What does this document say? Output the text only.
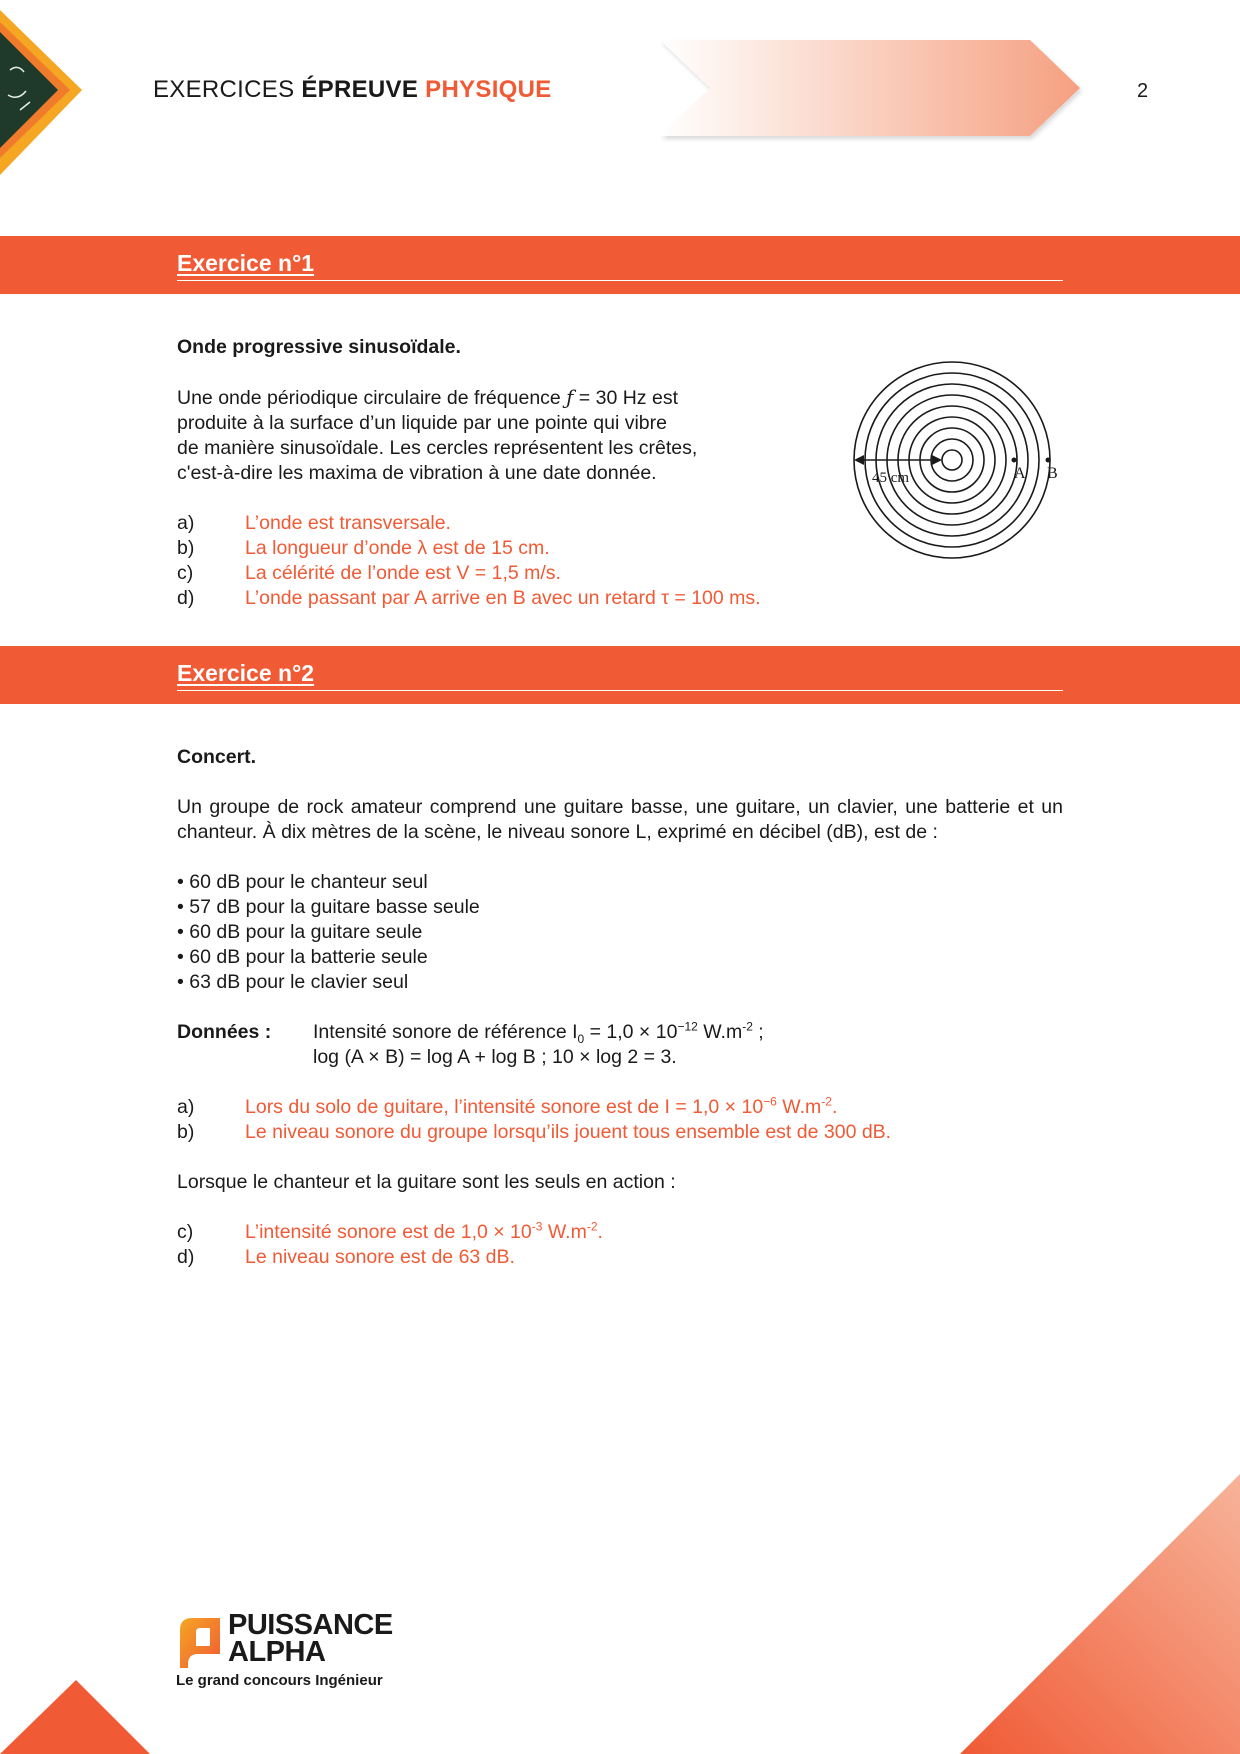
EXERCICES ÉPREUVE PHYSIQUE	2
Exercice n°1
Onde progressive sinusoïdale.
Une onde périodique circulaire de fréquence ƒ = 30 Hz est
produite à la surface d’un liquide par une pointe qui vibre
de manière sinusoïdale. Les cercles représentent les crêtes,
c'est-à-dire les maxima de vibration à une date donnée.
a)	L’onde est transversale.
b)	La longueur d’onde λ est de 15 cm.
c)	La célérité de l’onde est V = 1,5 m/s.
d)	L’onde passant par A arrive en B avec un retard τ = 100 ms.
45 cm	A B
Exercice n°2
Concert.
Un groupe de rock amateur comprend une guitare basse, une guitare, un clavier, une batterie et un chanteur. À dix mètres de la scène, le niveau sonore L, exprimé en décibel (dB), est de :
• 60 dB pour le chanteur seul
• 57 dB pour la guitare basse seule
• 60 dB pour la guitare seule
• 60 dB pour la batterie seule
• 63 dB pour le clavier seul
Données :	Intensité sonore de référence $I_0 = 1,0 \times 10^{-12}$ $W.m^{-2}$ ;
log (A × B) = log A + log B ; 10 × log 2 = 3.
a)	Lors du solo de guitare, l’intensité sonore est de $I = 1,0 \times 10^{-6}$ $W.m^{-2}$.
b)	Le niveau sonore du groupe lorsqu’ils jouent tous ensemble est de 300 dB.
Lorsque le chanteur et la guitare sont les seuls en action :
c)	L’intensité sonore est de $1,0 \times 10^{-3}$ $W.m^{-2}$.
d)	Le niveau sonore est de 63 dB.
PUISSANCE
ALPHA
Le grand concours Ingénieur
